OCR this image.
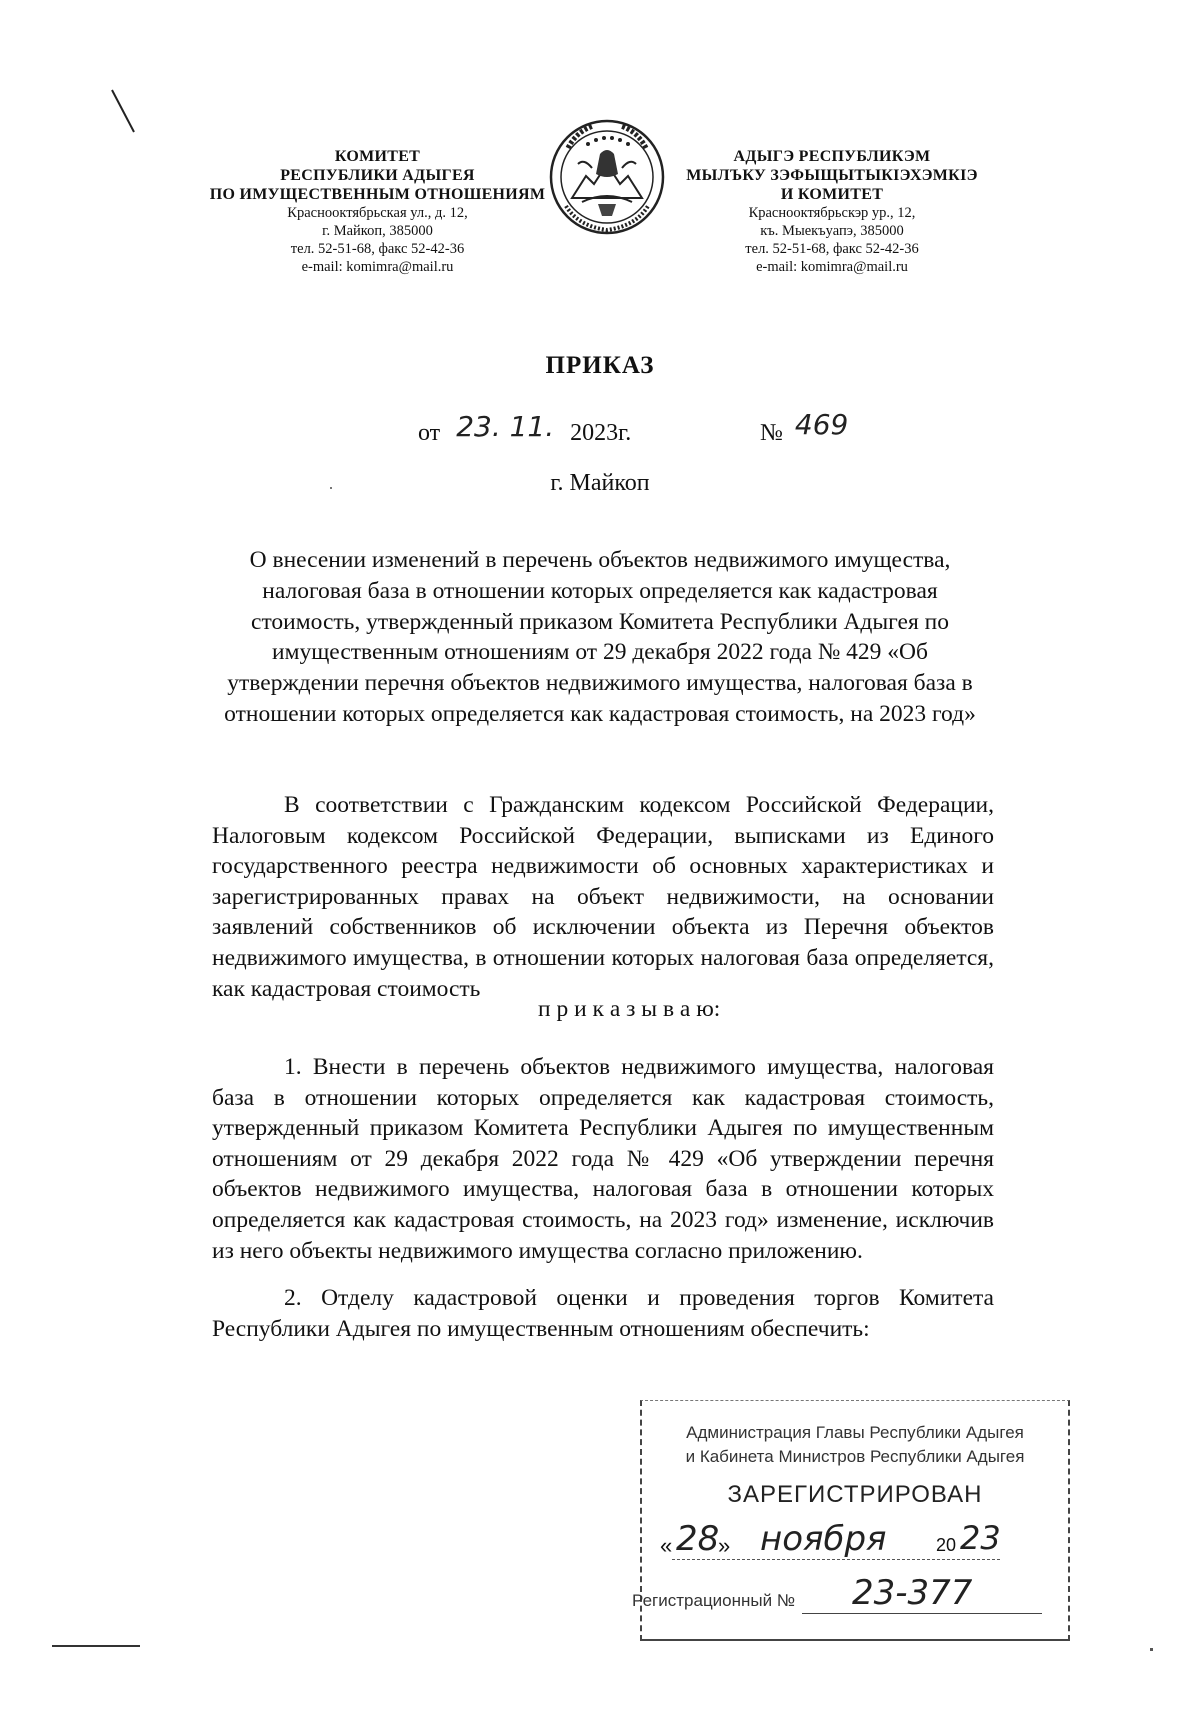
КОМИТЕТ
РЕСПУБЛИКИ АДЫГЕЯ
ПО ИМУЩЕСТВЕННЫМ ОТНОШЕНИЯМ
Краснооктябрьская ул., д. 12,
г. Майкоп, 385000
тел. 52-51-68, факс 52-42-36
e-mail: komimra@mail.ru
АДЫГЭ РЕСПУБЛИКЭМ
МЫЛЪКУ ЗЭФЫЩЫТЫКIЭХЭМКIЭ
И КОМИТЕТ
Краснооктябрьскэр ур., 12,
къ. Мыекъуапэ, 385000
тел. 52-51-68, факс 52-42-36
e-mail: komimra@mail.ru
ПРИКАЗ
от 23. 11. 2023г.	№ 469
г. Майкоп
О внесении изменений в перечень объектов недвижимого имущества,
налоговая база в отношении которых определяется как кадастровая
стоимость, утвержденный приказом Комитета Республики Адыгея по
имущественным отношениям от 29 декабря 2022 года № 429 «Об
утверждении перечня объектов недвижимого имущества, налоговая база в
отношении которых определяется как кадастровая стоимость, на 2023 год»
В соответствии с Гражданским кодексом Российской Федерации, Налоговым кодексом Российской Федерации, выписками из Единого государственного реестра недвижимости об основных характеристиках и зарегистрированных правах на объект недвижимости, на основании заявлений собственников об исключении объекта из Перечня объектов недвижимого имущества, в отношении которых налоговая база определяется, как кадастровая стоимость
п р и к а з ы в а ю:
1. Внести в перечень объектов недвижимого имущества, налоговая база в отношении которых определяется как кадастровая стоимость, утвержденный приказом Комитета Республики Адыгея по имущественным отношениям от 29 декабря 2022 года № 429 «Об утверждении перечня объектов недвижимого имущества, налоговая база в отношении которых определяется как кадастровая стоимость, на 2023 год» изменение, исключив из него объекты недвижимого имущества согласно приложению.
2. Отделу кадастровой оценки и проведения торгов Комитета Республики Адыгея по имущественным отношениям обеспечить:
Администрация Главы Республики Адыгея
и Кабинета Министров Республики Адыгея
ЗАРЕГИСТРИРОВАН
« 28
» ноября	20 23
Регистрационный № 23-377
